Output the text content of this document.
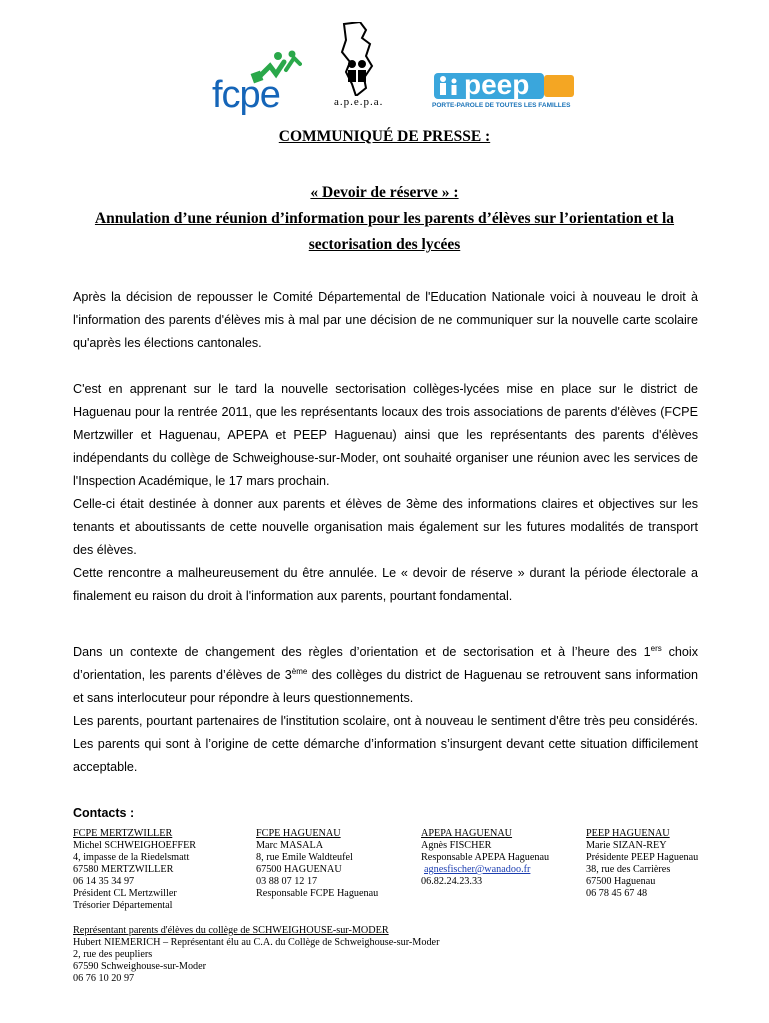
fcpe	a.p.e.p.a.
peep
PORTE-PAROLE DE TOUTES LES FAMILLES
COMMUNIQUÉ DE PRESSE :
« Devoir de réserve » :
Annulation d’une réunion d’information pour les parents d’élèves sur l’orientation et la
sectorisation des lycées

Après la décision de repousser le Comité Départemental de l'Education Nationale voici à nouveau le droit à l'information des parents d'élèves mis à mal par une décision de ne communiquer sur la nouvelle carte scolaire qu'après les élections cantonales.

C'est en apprenant sur le tard la nouvelle sectorisation collèges-lycées mise en place sur le district de Haguenau pour la rentrée 2011, que les représentants locaux des trois associations de parents d'élèves (FCPE Mertzwiller et Haguenau, APEPA et PEEP Haguenau) ainsi que les représentants des parents d'élèves indépendants du collège de Schweighouse-sur-Moder, ont souhaité organiser une réunion avec les services de l'Inspection Académique, le 17 mars prochain.

Celle-ci était destinée à donner aux parents et élèves de 3ème des informations claires et objectives sur les tenants et aboutissants de cette nouvelle organisation mais également sur les futures modalités de transport des élèves.

Cette rencontre a malheureusement du être annulée. Le « devoir de réserve » durant la période électorale a finalement eu raison du droit à l'information aux parents, pourtant fondamental.

Dans un contexte de changement des règles d’orientation et de sectorisation et à l’heure des 1ers choix d’orientation, les parents d’élèves de 3ème des collèges du district de Haguenau se retrouvent sans information et sans interlocuteur pour répondre à leurs questionnements.

Les parents, pourtant partenaires de l'institution scolaire, ont à nouveau le sentiment d'être très peu considérés. Les parents qui sont à l’origine de cette démarche d’information s’insurgent devant cette situation difficilement acceptable.

Contacts :
FCPE MERTZWILLER
Michel SCHWEIGHOEFFER
4, impasse de la Riedelsmatt
67580 MERTZWILLER
06 14 35 34 97
Président CL Mertzwiller
Trésorier Départemental
FCPE HAGUENAU
Marc MASALA
8, rue Emile Waldteufel
67500 HAGUENAU
03 88 07 12 17
Responsable FCPE Haguenau
APEPA HAGUENAU
Agnès FISCHER
Responsable APEPA Haguenau
agnesfischer@wanadoo.fr
06.82.24.23.33
PEEP HAGUENAU
Marie SIZAN-REY
Présidente PEEP Haguenau
38, rue des Carrières
67500 Haguenau
06 78 45 67 48
Représentant parents d'élèves du collège de SCHWEIGHOUSE-sur-MODER
Hubert NIEMERICH – Représentant élu au C.A. du Collège de Schweighouse-sur-Moder
2, rue des peupliers
67590 Schweighouse-sur-Moder
06 76 10 20 97
